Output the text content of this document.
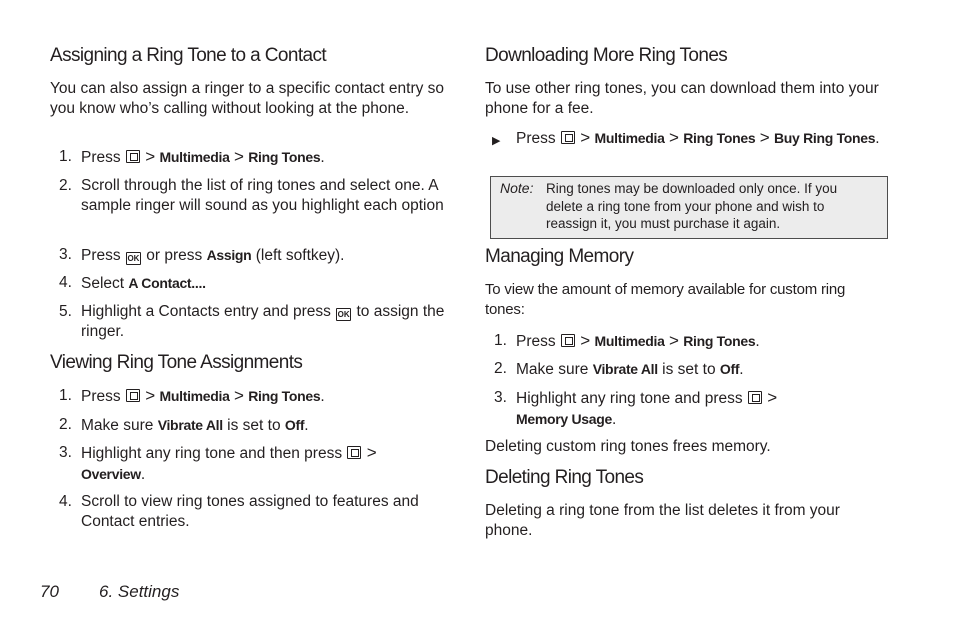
Assigning a Ring Tone to a Contact
You can also assign a ringer to a specific contact entry so you know who’s calling without looking at the phone.
1. Press > Multimedia > Ring Tones.
2. Scroll through the list of ring tones and select one. A sample ringer will sound as you highlight each option
3. Press OK or press Assign (left softkey).
4. Select A Contact....
5. Highlight a Contacts entry and press OK to assign the ringer.
Viewing Ring Tone Assignments
1. Press > Multimedia > Ring Tones.
2. Make sure Vibrate All is set to Off.
3. Highlight any ring tone and then press >
Overview.
4. Scroll to view ring tones assigned to features and Contact entries.
Downloading More Ring Tones
To use other ring tones, you can download them into your phone for a fee.
▶ Press > Multimedia > Ring Tones > Buy Ring Tones.
Note: Ring tones may be downloaded only once. If you delete a ring tone from your phone and wish to reassign it, you must purchase it again.
Managing Memory
To view the amount of memory available for custom ring tones:
1. Press > Multimedia > Ring Tones.
2. Make sure Vibrate All is set to Off.
3. Highlight any ring tone and press >
Memory Usage.
Deleting custom ring tones frees memory.
Deleting Ring Tones
Deleting a ring tone from the list deletes it from your phone.
70 6. Settings
